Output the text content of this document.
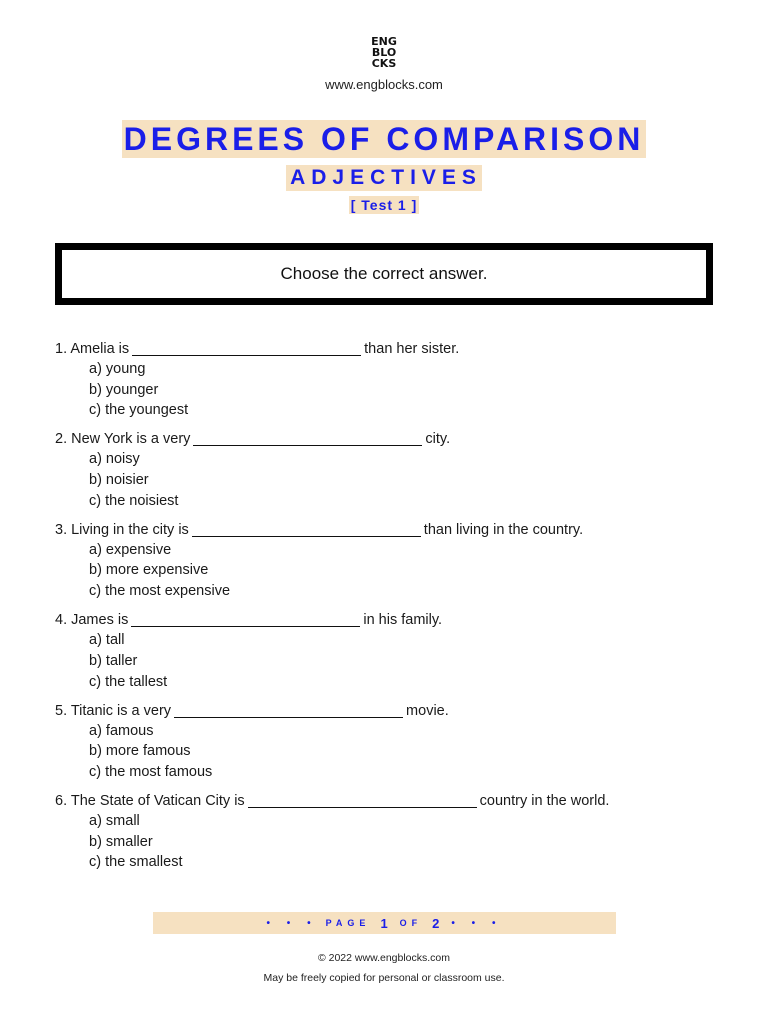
ENG
BLO
CKS
www.engblocks.com
DEGREES OF COMPARISON
ADJECTIVES
[ Test 1 ]
Choose the correct answer.
1. Amelia is	than her sister.
a) young
b) younger
c) the youngest
2. New York is a very	city.
a) noisy
b) noisier
c) the noisiest
3. Living in the city is	than living in the country.
a) expensive
b) more expensive
c) the most expensive
4. James is	in his family.
a) tall
b) taller
c) the tallest
5. Titanic is a very	movie.
a) famous
b) more famous
c) the most famous
6. The State of Vatican City is	country in the world.
a) small
b) smaller
c) the smallest
• • • PAGE 1 OF 2 • • •
© 2022 www.engblocks.com
May be freely copied for personal or classroom use.
